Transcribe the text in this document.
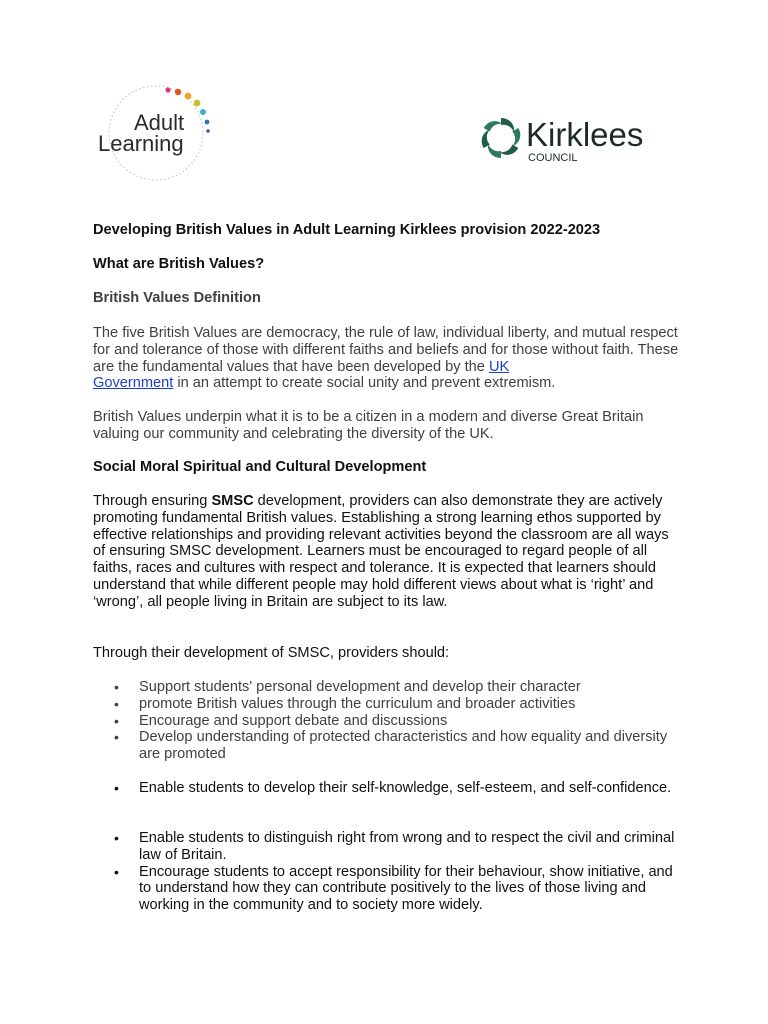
Adult
Learning	Kirklees
COUNCIL
Developing British Values in Adult Learning Kirklees provision 2022-2023
What are British Values?
British Values Definition

The five British Values are democracy, the rule of law, individual liberty, and mutual respect for and tolerance of those with different faiths and beliefs and for those without faith. These are the fundamental values that have been developed by the UK
Government in an attempt to create social unity and prevent extremism.

British Values underpin what it is to be a citizen in a modern and diverse Great Britain valuing our community and celebrating the diversity of the UK.

Social Moral Spiritual and Cultural Development

Through ensuring SMSC development, providers can also demonstrate they are actively promoting fundamental British values. Establishing a strong learning ethos supported by effective relationships and providing relevant activities beyond the classroom are all ways of ensuring SMSC development. Learners must be encouraged to regard people of all faiths, races and cultures with respect and tolerance. It is expected that learners should understand that while different people may hold different views about what is ‘right’ and ‘wrong’, all people living in Britain are subject to its law.

Through their development of SMSC, providers should:

• Support students' personal development and develop their character
• promote British values through the curriculum and broader activities
• Encourage and support debate and discussions
• Develop understanding of protected characteristics and how equality and diversity are promoted
• Enable students to develop their self-knowledge, self-esteem, and self-confidence.
• Enable students to distinguish right from wrong and to respect the civil and criminal law of Britain.
• Encourage students to accept responsibility for their behaviour, show initiative, and to understand how they can contribute positively to the lives of those living and working in the community and to society more widely.
